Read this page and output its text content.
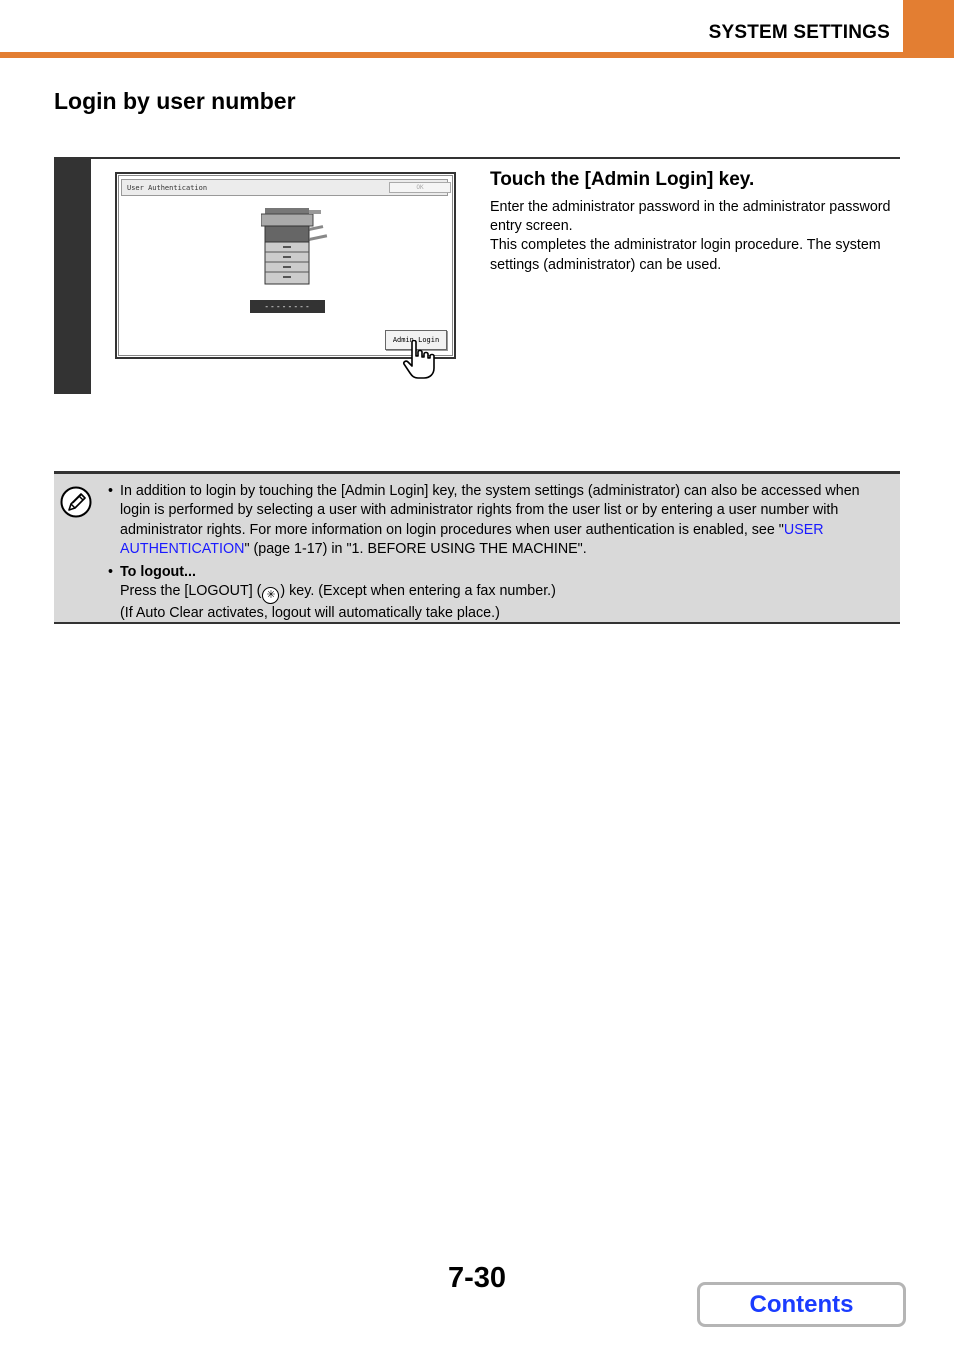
SYSTEM SETTINGS
Login by user number
User Authentication	OK
--------
Admin Login
Touch the [Admin Login] key.

Enter the administrator password in the administrator password entry screen.

This completes the administrator login procedure. The system settings (administrator) can be used.

• In addition to login by touching the [Admin Login] key, the system settings (administrator) can also be accessed when login is performed by selecting a user with administrator rights from the user list or by entering a user number with administrator rights. For more information on login procedures when user authentication is enabled, see "USER AUTHENTICATION" (page 1-17) in "1. BEFORE USING THE MACHINE".
• To logout...
Press the [LOGOUT] ( ✳ ) key. (Except when entering a fax number.)
(If Auto Clear activates, logout will automatically take place.)
7-30
Contents
